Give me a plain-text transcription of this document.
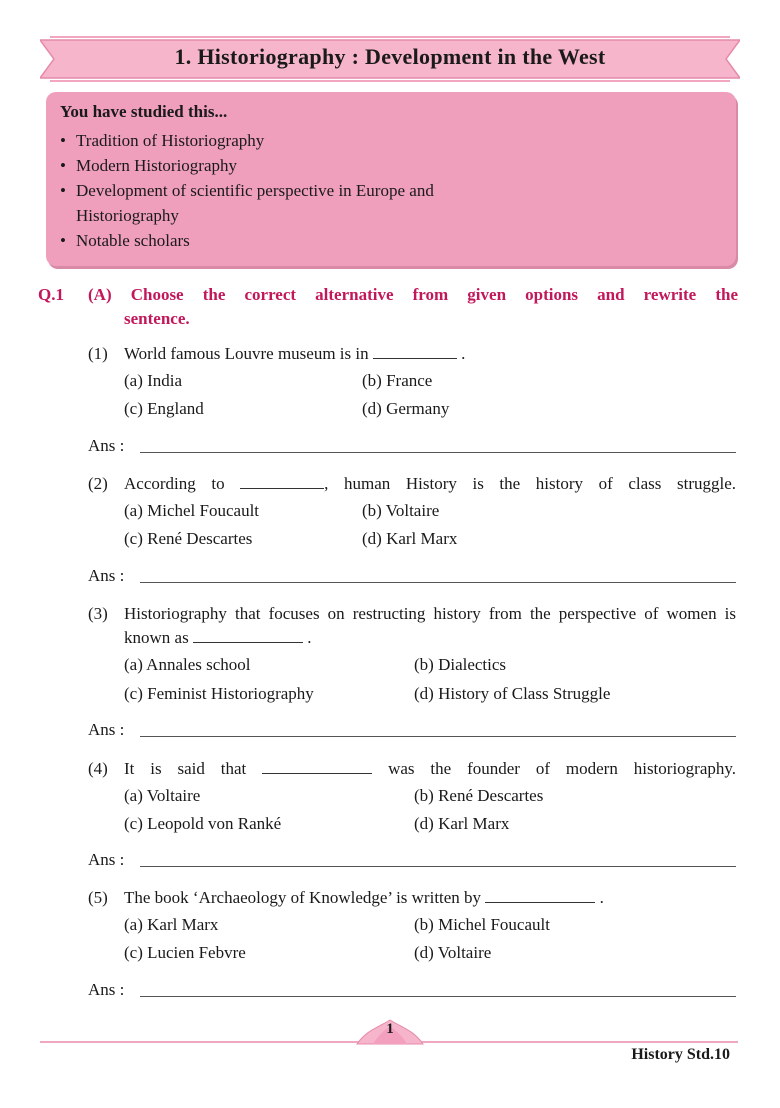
1. Historiography : Development in the West
You have studied this...
• Tradition of Historiography
• Modern Historiography
• Development of scientific perspective in Europe and Historiography
• Notable scholars
Q.1 (A) Choose the correct alternative from given options and rewrite the
sentence.
(1) World famous Louvre museum is in	.
(a) India	(b) France
(c) England	(d) Germany
Ans :
(2) According to	, human History is the history of class struggle.
(a) Michel Foucault	(b) Voltaire
(c) René Descartes	(d) Karl Marx
Ans :
(3) Historiography that focuses on restructing history from the perspective of women is known as	.
(a) Annales school	(b) Dialectics
(c) Feminist Historiography	(d) History of Class Struggle
Ans :
(4) It is said that	was the founder of modern historiography.
(a) Voltaire	(b) René Descartes
(c) Leopold von Ranké	(d) Karl Marx
Ans :
(5) The book ‘Archaeology of Knowledge’ is written by	.
(a) Karl Marx	(b) Michel Foucault
(c) Lucien Febvre	(d) Voltaire
Ans :
1
History Std.10
